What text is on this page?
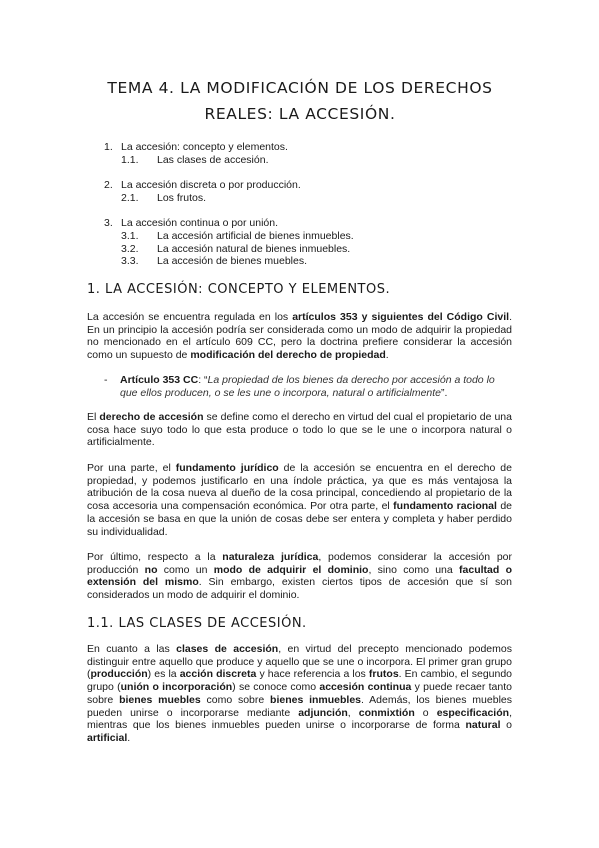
TEMA 4. LA MODIFICACIÓN DE LOS DERECHOS REALES: LA ACCESIÓN.
1. La accesión: concepto y elementos.
1.1. Las clases de accesión.
2. La accesión discreta o por producción.
2.1. Los frutos.
3. La accesión continua o por unión.
3.1. La accesión artificial de bienes inmuebles.
3.2. La accesión natural de bienes inmuebles.
3.3. La accesión de bienes muebles.
1. LA ACCESIÓN: CONCEPTO Y ELEMENTOS.
La accesión se encuentra regulada en los artículos 353 y siguientes del Código Civil. En un principio la accesión podría ser considerada como un modo de adquirir la propiedad no mencionado en el artículo 609 CC, pero la doctrina prefiere considerar la accesión como un supuesto de modificación del derecho de propiedad.
- Artículo 353 CC: “La propiedad de los bienes da derecho por accesión a todo lo que ellos producen, o se les une o incorpora, natural o artificialmente”.
El derecho de accesión se define como el derecho en virtud del cual el propietario de una cosa hace suyo todo lo que esta produce o todo lo que se le une o incorpora natural o artificialmente.
Por una parte, el fundamento jurídico de la accesión se encuentra en el derecho de propiedad, y podemos justificarlo en una índole práctica, ya que es más ventajosa la atribución de la cosa nueva al dueño de la cosa principal, concediendo al propietario de la cosa accesoria una compensación económica. Por otra parte, el fundamento racional de la accesión se basa en que la unión de cosas debe ser entera y completa y haber perdido su individualidad.
Por último, respecto a la naturaleza jurídica, podemos considerar la accesión por producción no como un modo de adquirir el dominio, sino como una facultad o extensión del mismo. Sin embargo, existen ciertos tipos de accesión que sí son considerados un modo de adquirir el dominio.
1.1. LAS CLASES DE ACCESIÓN.
En cuanto a las clases de accesión, en virtud del precepto mencionado podemos distinguir entre aquello que produce y aquello que se une o incorpora. El primer gran grupo (producción) es la acción discreta y hace referencia a los frutos. En cambio, el segundo grupo (unión o incorporación) se conoce como accesión continua y puede recaer tanto sobre bienes muebles como sobre bienes inmuebles. Además, los bienes muebles pueden unirse o incorporarse mediante adjunción, conmixtión o especificación, mientras que los bienes inmuebles pueden unirse o incorporarse de forma natural o artificial.
